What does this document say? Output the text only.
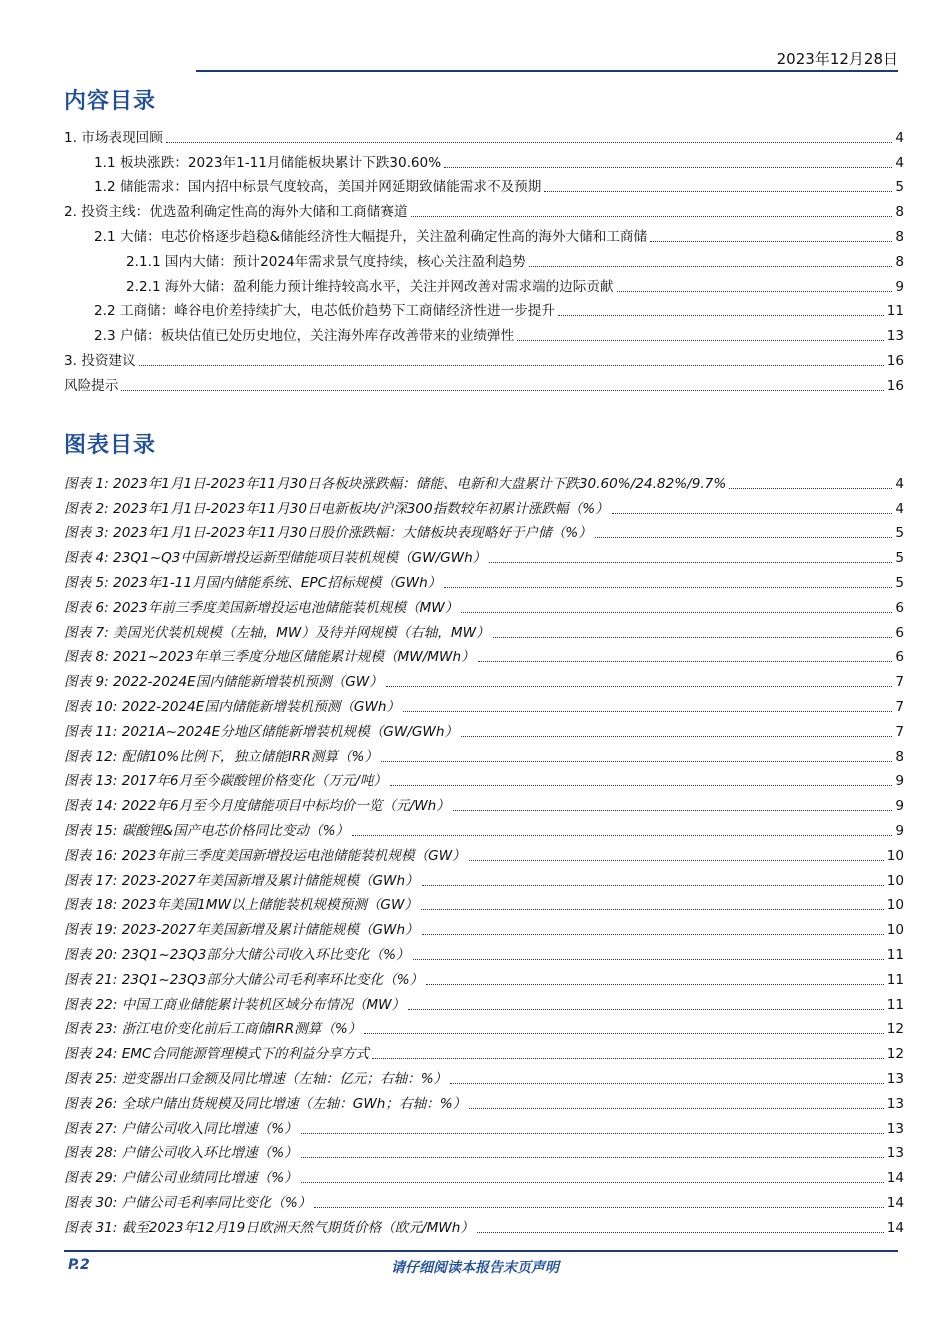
2023年12月28日
内容目录
1. 市场表现回顾	4
1.1 板块涨跌：2023年1-11月储能板块累计下跌30.60%	4
1.2 储能需求：国内招中标景气度较高，美国并网延期致储能需求不及预期	5
2. 投资主线：优选盈利确定性高的海外大储和工商储赛道	8
2.1 大储：电芯价格逐步趋稳&储能经济性大幅提升，关注盈利确定性高的海外大储和工商储	8
2.1.1 国内大储：预计2024年需求景气度持续，核心关注盈利趋势	8
2.2.1 海外大储：盈利能力预计维持较高水平，关注并网改善对需求端的边际贡献	9
2.2 工商储：峰谷电价差持续扩大，电芯低价趋势下工商储经济性进一步提升	11
2.3 户储：板块估值已处历史地位，关注海外库存改善带来的业绩弹性	13
3. 投资建议	16
风险提示	16
图表目录
图表 1: 2023年1月1日-2023年11月30日各板块涨跌幅：储能、电新和大盘累计下跌30.60%/24.82%/9.7%	4
图表 2: 2023年1月1日-2023年11月30日电新板块/沪深300指数较年初累计涨跌幅（%）	4
图表 3: 2023年1月1日-2023年11月30日股价涨跌幅：大储板块表现略好于户储（%）	5
图表 4: 23Q1~Q3中国新增投运新型储能项目装机规模（GW/GWh）	5
图表 5: 2023年1-11月国内储能系统、EPC招标规模（GWh）	5
图表 6: 2023年前三季度美国新增投运电池储能装机规模（MW）	6
图表 7: 美国光伏装机规模（左轴，MW）及待并网规模（右轴，MW）	6
图表 8: 2021~2023年单三季度分地区储能累计规模（MW/MWh）	6
图表 9: 2022-2024E国内储能新增装机预测（GW）	7
图表 10: 2022-2024E国内储能新增装机预测（GWh）	7
图表 11: 2021A~2024E分地区储能新增装机规模（GW/GWh）	7
图表 12: 配储10%比例下，独立储能IRR测算（%）	8
图表 13: 2017年6月至今碳酸锂价格变化（万元/吨）	9
图表 14: 2022年6月至今月度储能项目中标均价一览（元/Wh）	9
图表 15: 碳酸锂&国产电芯价格同比变动（%）	9
图表 16: 2023年前三季度美国新增投运电池储能装机规模（GW）	10
图表 17: 2023-2027年美国新增及累计储能规模（GWh）	10
图表 18: 2023年美国1MW以上储能装机规模预测（GW）	10
图表 19: 2023-2027年美国新增及累计储能规模（GWh）	10
图表 20: 23Q1~23Q3部分大储公司收入环比变化（%）	11
图表 21: 23Q1~23Q3部分大储公司毛利率环比变化（%）	11
图表 22: 中国工商业储能累计装机区域分布情况（MW）	11
图表 23: 浙江电价变化前后工商储IRR测算（%）	12
图表 24: EMC合同能源管理模式下的利益分享方式	12
图表 25: 逆变器出口金额及同比增速（左轴：亿元；右轴：%）	13
图表 26: 全球户储出货规模及同比增速（左轴：GWh；右轴：%）	13
图表 27: 户储公司收入同比增速（%）	13
图表 28: 户储公司收入环比增速（%）	13
图表 29: 户储公司业绩同比增速（%）	14
图表 30: 户储公司毛利率同比变化（%）	14
图表 31: 截至2023年12月19日欧洲天然气期货价格（欧元/MWh）	14
请仔细阅读本报告末页声明
P.2
